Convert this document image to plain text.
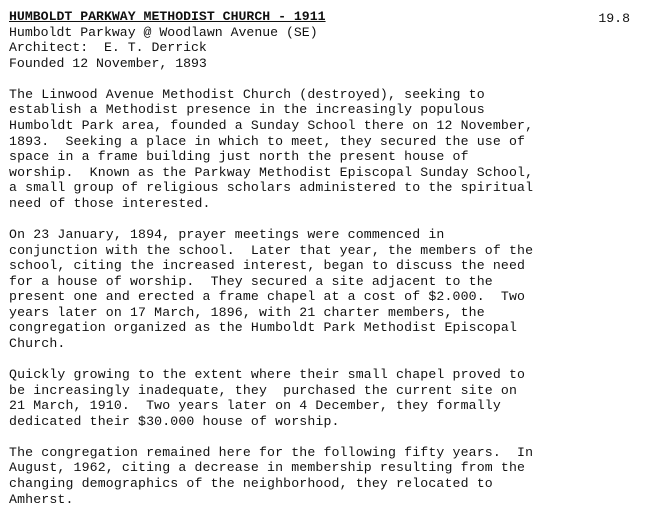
19.8
HUMBOLDT PARKWAY METHODIST CHURCH - 1911
Humboldt Parkway @ Woodlawn Avenue (SE)
Architect:  E. T. Derrick
Founded 12 November, 1893
The Linwood Avenue Methodist Church (destroyed), seeking to
establish a Methodist presence in the increasingly populous
Humboldt Park area, founded a Sunday School there on 12 November,
1893.  Seeking a place in which to meet, they secured the use of
space in a frame building just north the present house of
worship.  Known as the Parkway Methodist Episcopal Sunday School,
a small group of religious scholars administered to the spiritual
need of those interested.
On 23 January, 1894, prayer meetings were commenced in
conjunction with the school.  Later that year, the members of the
school, citing the increased interest, began to discuss the need
for a house of worship.  They secured a site adjacent to the
present one and erected a frame chapel at a cost of $2.000.  Two
years later on 17 March, 1896, with 21 charter members, the
congregation organized as the Humboldt Park Methodist Episcopal
Church.
Quickly growing to the extent where their small chapel proved to
be increasingly inadequate, they  purchased the current site on
21 March, 1910.  Two years later on 4 December, they formally
dedicated their $30.000 house of worship.
The congregation remained here for the following fifty years.  In
August, 1962, citing a decrease in membership resulting from the
changing demographics of the neighborhood, they relocated to
Amherst.
